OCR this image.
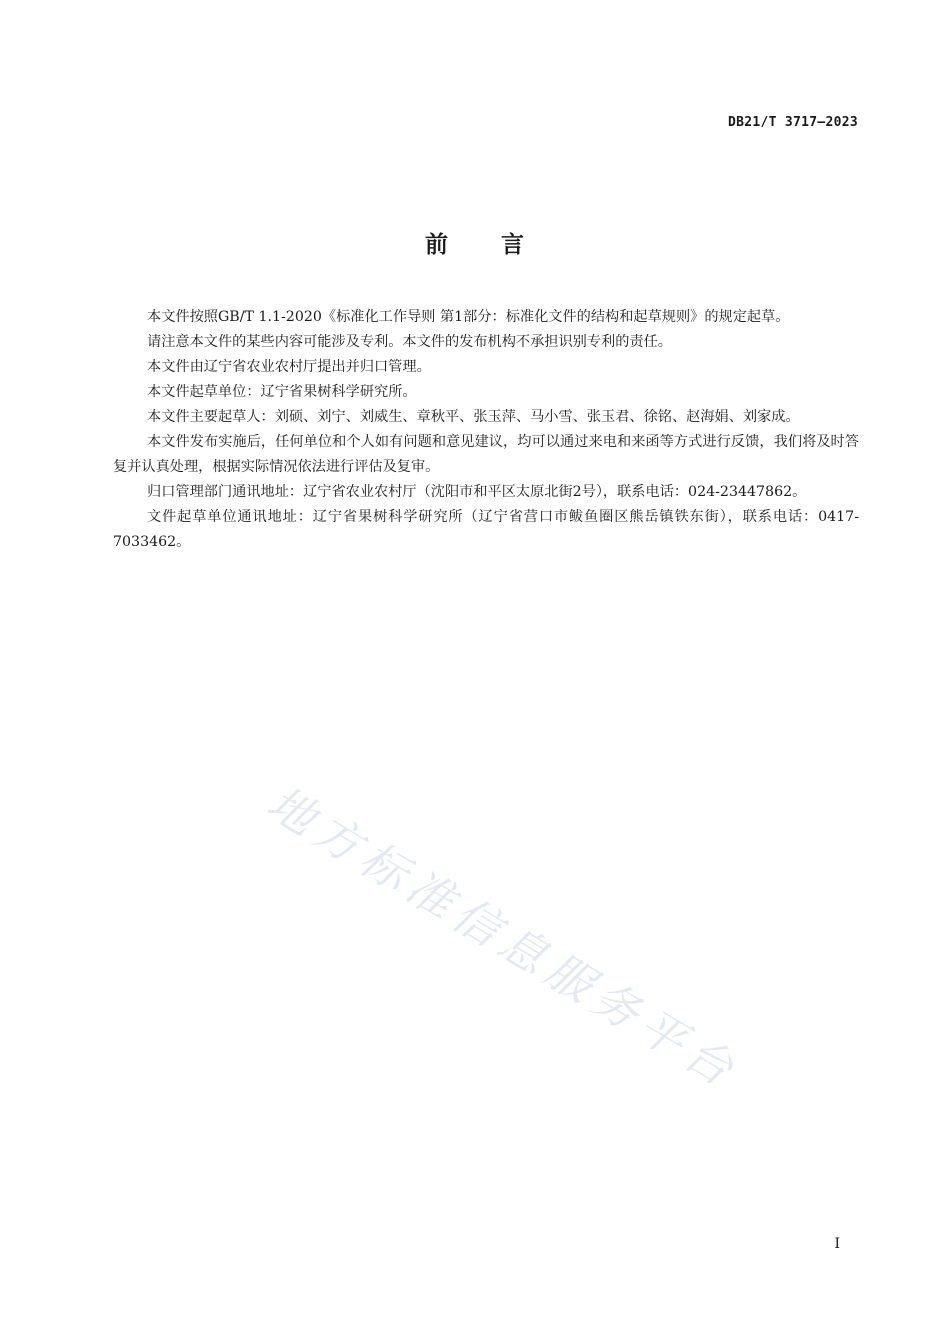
DB21/T 3717—2023
前 言

本文件按照GB/T 1.1-2020《标准化工作导则 第1部分：标准化文件的结构和起草规则》的规定起草。

请注意本文件的某些内容可能涉及专利。本文件的发布机构不承担识别专利的责任。

本文件由辽宁省农业农村厅提出并归口管理。

本文件起草单位：辽宁省果树科学研究所。

本文件主要起草人：刘硕、刘宁、刘威生、章秋平、张玉萍、马小雪、张玉君、徐铭、赵海娟、刘家成。

本文件发布实施后，任何单位和个人如有问题和意见建议，均可以通过来电和来函等方式进行反馈，我们将及时答复并认真处理，根据实际情况依法进行评估及复审。

归口管理部门通讯地址：辽宁省农业农村厅（沈阳市和平区太原北街2号），联系电话：024-23447862。

文件起草单位通讯地址：辽宁省果树科学研究所（辽宁省营口市鲅鱼圈区熊岳镇铁东街），联系电话：0417-7033462。

地方标准信息服务平台
I
